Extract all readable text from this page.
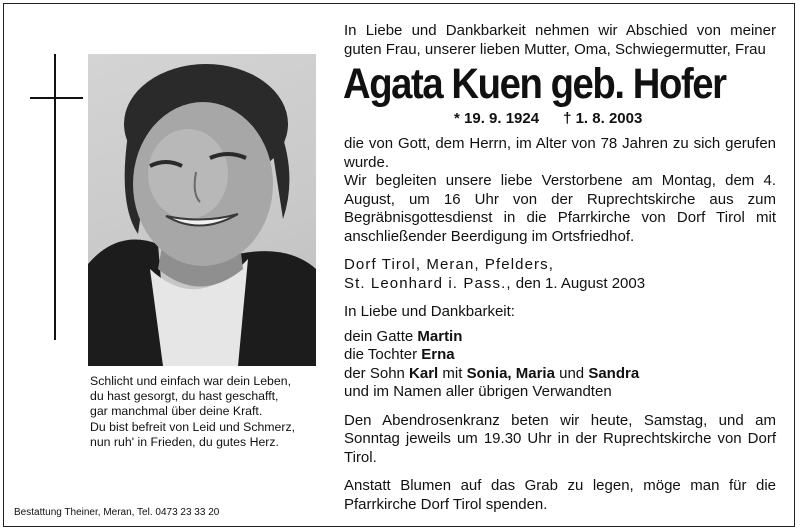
Schlicht und einfach war dein Leben,
du hast gesorgt, du hast geschafft,
gar manchmal über deine Kraft.
Du bist befreit von Leid und Schmerz,
nun ruh' in Frieden, du gutes Herz.
Bestattung Theiner, Meran, Tel. 0473 23 33 20

In Liebe und Dankbarkeit nehmen wir Abschied von meiner guten Frau, unserer lieben Mutter, Oma, Schwiegermutter, Frau

Agata Kuen geb. Hofer
* 19. 9. 1924 † 1. 8. 2003

die von Gott, dem Herrn, im Alter von 78 Jahren zu sich gerufen wurde.

Wir begleiten unsere liebe Verstorbene am Montag, dem 4. August, um 16 Uhr von der Ruprechtskirche aus zum Begräbnisgottesdienst in die Pfarrkirche von Dorf Tirol mit anschließender Beerdigung im Ortsfriedhof.

Dorf Tirol, Meran, Pfelders,
St. Leonhard i. Pass., den 1. August 2003
In Liebe und Dankbarkeit:
dein Gatte Martin
die Tochter Erna
der Sohn Karl mit Sonia, Maria und Sandra
und im Namen aller übrigen Verwandten

Den Abendrosenkranz beten wir heute, Samstag, und am Sonntag jeweils um 19.30 Uhr in der Ruprechtskirche von Dorf Tirol.

Anstatt Blumen auf das Grab zu legen, möge man für die Pfarrkirche Dorf Tirol spenden.
